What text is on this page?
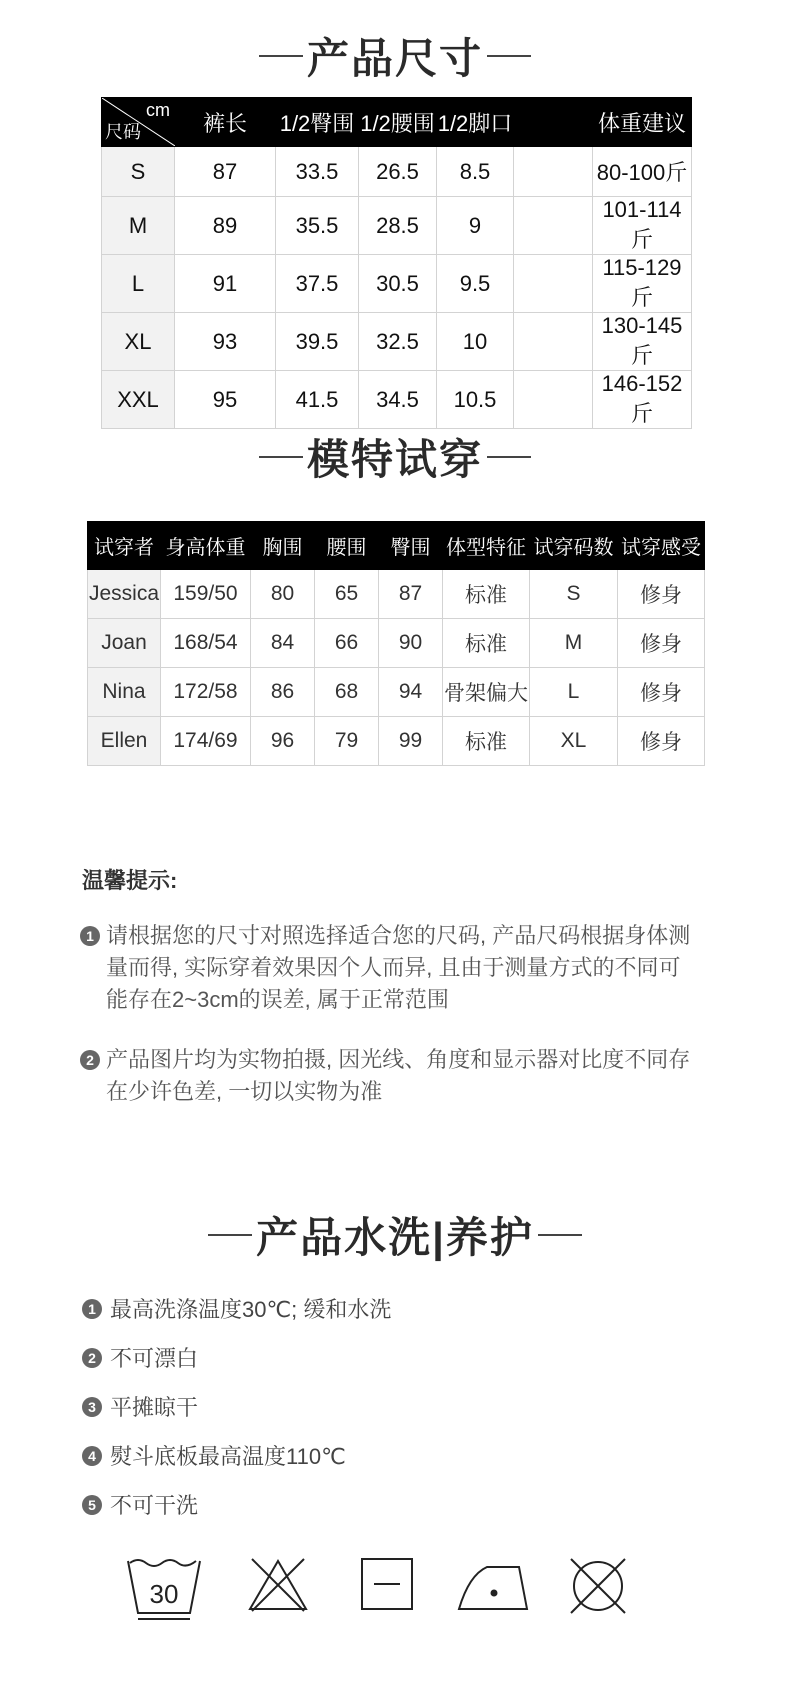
产品尺寸
cm
尺码	裤长	1/2臀围	1/2腰围	1/2脚口		体重建议
S	87	33.5	26.5	8.5		80-100斤
M	89	35.5	28.5	9		101-114斤
L	91	37.5	30.5	9.5		115-129斤
XL	93	39.5	32.5	10		130-145斤
XXL	95	41.5	34.5	10.5		146-152斤
模特试穿
试穿者	身高体重	胸围	腰围	臀围	体型特征	试穿码数	试穿感受
Jessica	159/50	80	65	87	标准	S	修身
Joan	168/54	84	66	90	标准	M	修身
Nina	172/58	86	68	94	骨架偏大	L	修身
Ellen	174/69	96	79	99	标准	XL	修身
温馨提示:
1 请根据您的尺寸对照选择适合您的尺码, 产品尺码根据身体测量而得, 实际穿着效果因个人而异, 且由于测量方式的不同可能存在2~3cm的误差, 属于正常范围
2 产品图片均为实物拍摄, 因光线、角度和显示器对比度不同存在少许色差, 一切以实物为准
产品水洗|养护
1 最高洗涤温度30℃; 缓和水洗
2 不可漂白
3 平摊晾干
4 熨斗底板最高温度110℃
5 不可干洗
30
